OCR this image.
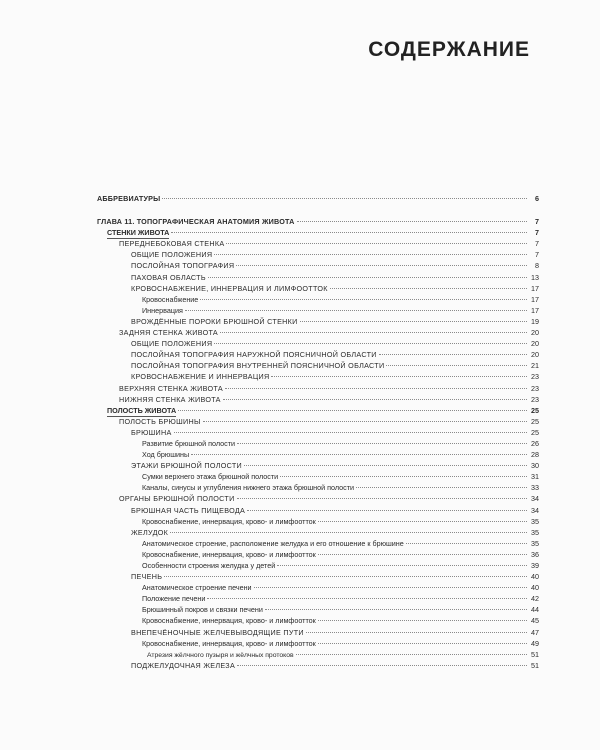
СОДЕРЖАНИЕ
АББРЕВИАТУРЫ	6
ГЛАВА 11. ТОПОГРАФИЧЕСКАЯ АНАТОМИЯ ЖИВОТА	7
СТЕНКИ ЖИВОТА	7
ПЕРЕДНЕБОКОВАЯ СТЕНКА	7
ОБЩИЕ ПОЛОЖЕНИЯ	7
ПОСЛОЙНАЯ ТОПОГРАФИЯ	8
ПАХОВАЯ ОБЛАСТЬ	13
КРОВОСНАБЖЕНИЕ, ИННЕРВАЦИЯ И ЛИМФООТТОК	17
Кровоснабжение	17
Иннервация	17
ВРОЖДЁННЫЕ ПОРОКИ БРЮШНОЙ СТЕНКИ	19
ЗАДНЯЯ СТЕНКА ЖИВОТА	20
ОБЩИЕ ПОЛОЖЕНИЯ	20
ПОСЛОЙНАЯ ТОПОГРАФИЯ НАРУЖНОЙ ПОЯСНИЧНОЙ ОБЛАСТИ	20
ПОСЛОЙНАЯ ТОПОГРАФИЯ ВНУТРЕННЕЙ ПОЯСНИЧНОЙ ОБЛАСТИ	21
КРОВОСНАБЖЕНИЕ И ИННЕРВАЦИЯ	23
ВЕРХНЯЯ СТЕНКА ЖИВОТА	23
НИЖНЯЯ СТЕНКА ЖИВОТА	23
ПОЛОСТЬ ЖИВОТА	25
ПОЛОСТЬ БРЮШИНЫ	25
БРЮШИНА	25
Развитие брюшной полости	26
Ход брюшины	28
ЭТАЖИ БРЮШНОЙ ПОЛОСТИ	30
Сумки верхнего этажа брюшной полости	31
Каналы, синусы и углубления нижнего этажа брюшной полости	33
ОРГАНЫ БРЮШНОЙ ПОЛОСТИ	34
БРЮШНАЯ ЧАСТЬ ПИЩЕВОДА	34
Кровоснабжение, иннервация, крово- и лимфоотток	35
ЖЕЛУДОК	35
Анатомическое строение, расположение желудка и его отношение к брюшине	35
Кровоснабжение, иннервация, крово- и лимфоотток	36
Особенности строения желудка у детей	39
ПЕЧЕНЬ	40
Анатомическое строение печени	40
Положение печени	42
Брюшинный покров и связки печени	44
Кровоснабжение, иннервация, крово- и лимфоотток	45
ВНЕПЕЧЁНОЧНЫЕ ЖЕЛЧЕВЫВОДЯЩИЕ ПУТИ	47
Кровоснабжение, иннервация, крово- и лимфоотток	49
Атрезия жёлчного пузыря и жёлчных протоков	51
ПОДЖЕЛУДОЧНАЯ ЖЕЛЕЗА	51
